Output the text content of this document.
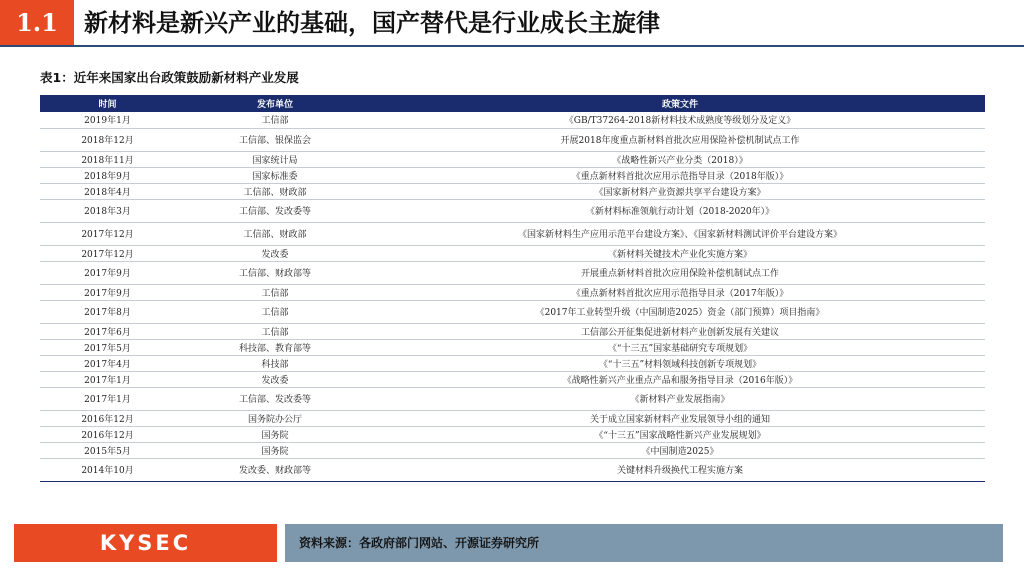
1.1	新材料是新兴产业的基础，国产替代是行业成长主旋律
表1：近年来国家出台政策鼓励新材料产业发展
时间	发布单位	政策文件
2019年1月	工信部	《GB/T37264-2018新材料技术成熟度等级划分及定义》
2018年12月	工信部、银保监会	开展2018年度重点新材料首批次应用保险补偿机制试点工作
2018年11月	国家统计局	《战略性新兴产业分类（2018）》
2018年9月	国家标准委	《重点新材料首批次应用示范指导目录（2018年版）》
2018年4月	工信部、财政部	《国家新材料产业资源共享平台建设方案》
2018年3月	工信部、发改委等	《新材料标准领航行动计划（2018-2020年）》
2017年12月	工信部、财政部	《国家新材料生产应用示范平台建设方案》、《国家新材料测试评价平台建设方案》
2017年12月	发改委	《新材料关键技术产业化实施方案》
2017年9月	工信部、财政部等	开展重点新材料首批次应用保险补偿机制试点工作
2017年9月	工信部	《重点新材料首批次应用示范指导目录（2017年版）》
2017年8月	工信部	《2017年工业转型升级（中国制造2025）资金（部门预算）项目指南》
2017年6月	工信部	工信部公开征集促进新材料产业创新发展有关建议
2017年5月	科技部、教育部等	《“十三五”国家基础研究专项规划》
2017年4月	科技部	《“十三五”材料领域科技创新专项规划》
2017年1月	发改委	《战略性新兴产业重点产品和服务指导目录（2016年版）》
2017年1月	工信部、发改委等	《新材料产业发展指南》
2016年12月	国务院办公厅	关于成立国家新材料产业发展领导小组的通知
2016年12月	国务院	《“十三五”国家战略性新兴产业发展规划》
2015年5月	国务院	《中国制造2025》
2014年10月	发改委、财政部等	关键材料升级换代工程实施方案
KYSEC	资料来源：各政府部门网站、开源证券研究所
